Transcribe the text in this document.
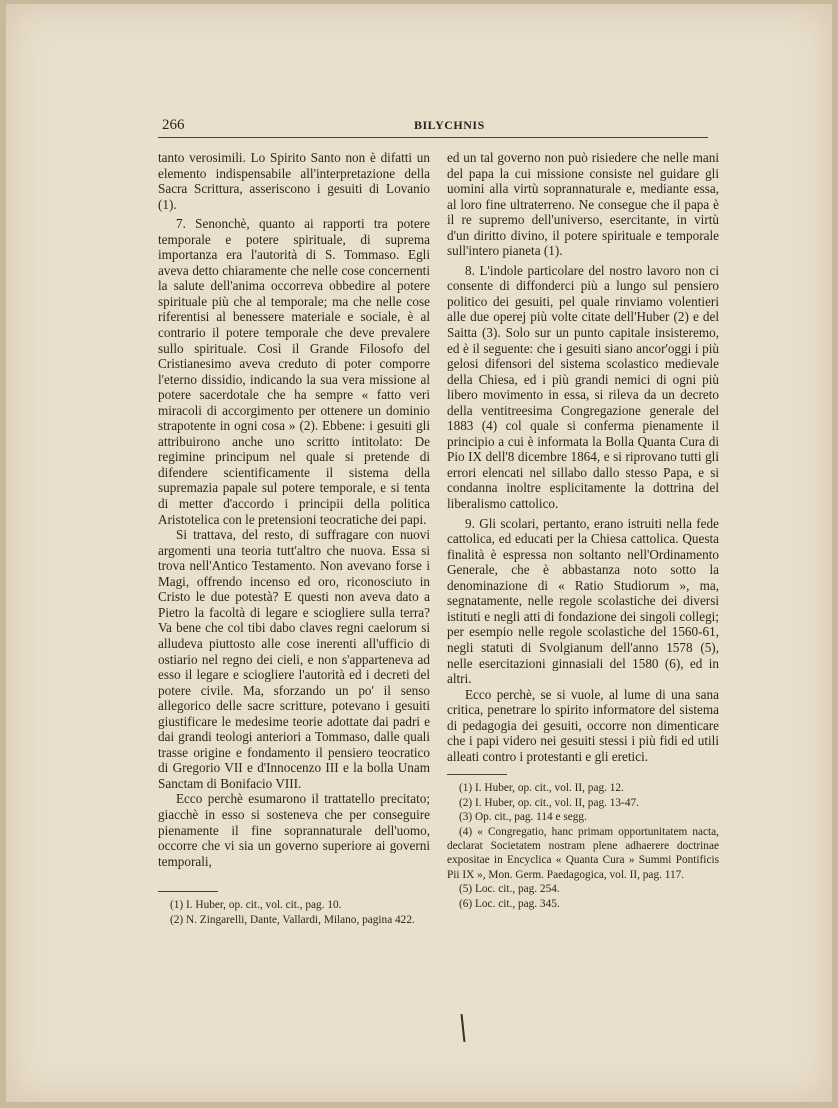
266	BILYCHNIS

tanto verosimili. Lo Spirito Santo non è difatti un elemento indispensabile all'interpretazione della Sacra Scrittura, asseriscono i gesuiti di Lovanio (1).

7. Senonchè, quanto ai rapporti tra potere temporale e potere spirituale, di suprema importanza era l'autorità di S. Tommaso. Egli aveva detto chiaramente che nelle cose concernenti la salute dell'anima occorreva obbedire al potere spirituale più che al temporale; ma che nelle cose riferentisi al benessere materiale e sociale, è al contrario il potere temporale che deve prevalere sullo spirituale. Così il Grande Filosofo del Cristianesimo aveva creduto di poter comporre l'eterno dissidio, indicando la sua vera missione al potere sacerdotale che ha sempre « fatto veri miracoli di accorgimento per ottenere un dominio strapotente in ogni cosa » (2). Ebbene: i gesuiti gli attribuirono anche uno scritto intitolato: De regimine principum nel quale si pretende di difendere scientificamente il sistema della supremazia papale sul potere temporale, e si tenta di metter d'accordo i principii della politica Aristotelica con le pretensioni teocratiche dei papi.

Si trattava, del resto, di suffragare con nuovi argomenti una teoria tutt'altro che nuova. Essa si trova nell'Antico Testamento. Non avevano forse i Magi, offrendo incenso ed oro, riconosciuto in Cristo le due potestà? E questi non aveva dato a Pietro la facoltà di legare e sciogliere sulla terra? Va bene che col tibi dabo claves regni caelorum si alludeva piuttosto alle cose inerenti all'ufficio di ostiario nel regno dei cieli, e non s'apparteneva ad esso il legare e sciogliere l'autorità ed i decreti del potere civile. Ma, sforzando un po' il senso allegorico delle sacre scritture, potevano i gesuiti giustificare le medesime teorie adottate dai padri e dai grandi teologi anteriori a Tommaso, dalle quali trasse origine e fondamento il pensiero teocratico di Gregorio VII e d'Innocenzo III e la bolla Unam Sanctam di Bonifacio VIII.

Ecco perchè esumarono il trattatello precitato; giacchè in esso si sosteneva che per conseguire pienamente il fine soprannaturale dell'uomo, occorre che vi sia un governo superiore ai governi temporali,

(1) I. Huber, op. cit., vol. cit., pag. 10.
(2) N. Zingarelli, Dante, Vallardi, Milano, pagina 422.

ed un tal governo non può risiedere che nelle mani del papa la cui missione consiste nel guidare gli uomini alla virtù soprannaturale e, mediante essa, al loro fine ultraterreno. Ne consegue che il papa è il re supremo dell'universo, esercitante, in virtù d'un diritto divino, il potere spirituale e temporale sull'intero pianeta (1).

8. L'indole particolare del nostro lavoro non ci consente di diffonderci più a lungo sul pensiero politico dei gesuiti, pel quale rinviamo volentieri alle due operej più volte citate dell'Huber (2) e del Saitta (3). Solo sur un punto capitale insisteremo, ed è il seguente: che i gesuiti siano ancor'oggi i più gelosi difensori del sistema scolastico medievale della Chiesa, ed i più grandi nemici di ogni più libero movimento in essa, si rileva da un decreto della ventitreesima Congregazione generale del 1883 (4) col quale si conferma pienamente il principio a cui è informata la Bolla Quanta Cura di Pio IX dell'8 dicembre 1864, e si riprovano tutti gli errori elencati nel sillabo dallo stesso Papa, e si condanna inoltre esplicitamente la dottrina del liberalismo cattolico.

9. Gli scolari, pertanto, erano istruiti nella fede cattolica, ed educati per la Chiesa cattolica. Questa finalità è espressa non soltanto nell'Ordinamento Generale, che è abbastanza noto sotto la denominazione di « Ratio Studiorum », ma, segnatamente, nelle regole scolastiche dei diversi istituti e negli atti di fondazione dei singoli collegi; per esempio nelle regole scolastiche del 1560-61, negli statuti di Svolgianum dell'anno 1578 (5), nelle esercitazioni ginnasiali del 1580 (6), ed in altri.

Ecco perchè, se si vuole, al lume di una sana critica, penetrare lo spirito informatore del sistema di pedagogia dei gesuiti, occorre non dimenticare che i papi videro nei gesuiti stessi i più fidi ed utili alleati contro i protestanti e gli eretici.

(1) I. Huber, op. cit., vol. II, pag. 12.
(2) I. Huber, op. cit., vol. II, pag. 13-47.
(3) Op. cit., pag. 114 e segg.
(4) « Congregatio, hanc primam opportunitatem nacta, declarat Societatem nostram plene adhaerere doctrinae expositae in Encyclica « Quanta Cura » Summi Pontificis Pii IX », Mon. Germ. Paedagogica, vol. II, pag. 117.
(5) Loc. cit., pag. 254.
(6) Loc. cit., pag. 345.
